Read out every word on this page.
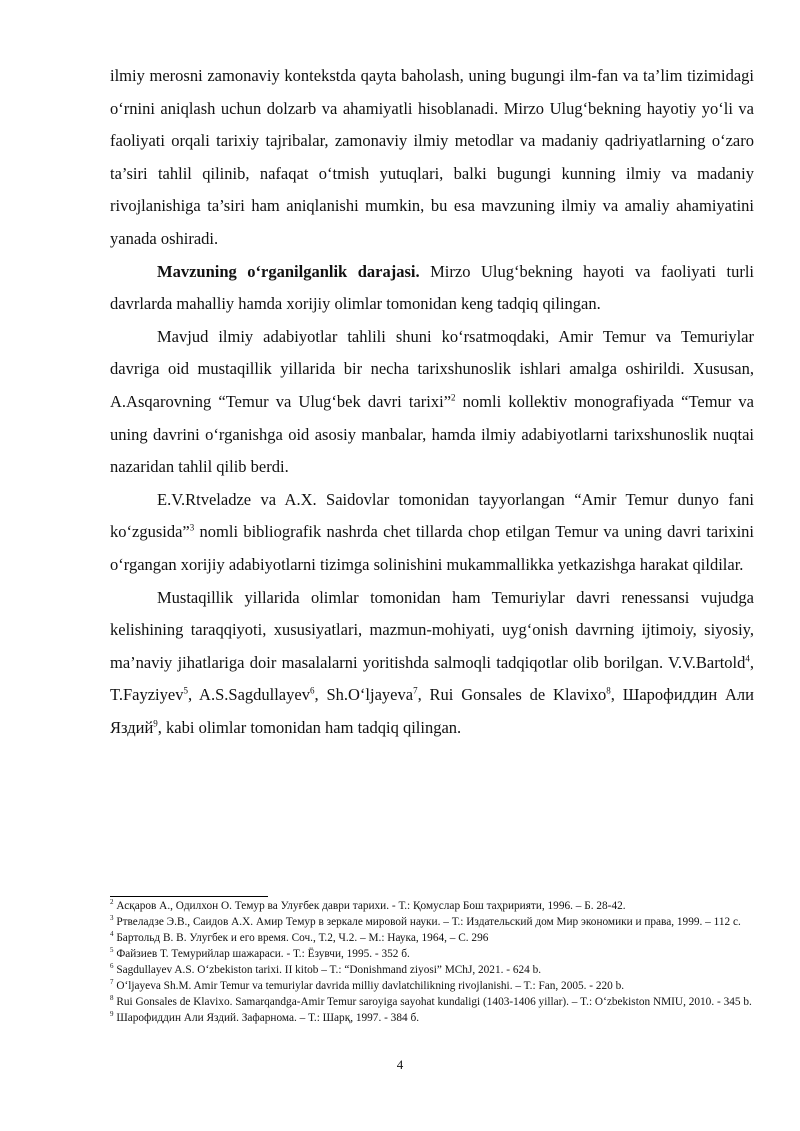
ilmiy merosni zamonaviy kontekstda qayta baholash, uning bugungi ilm-fan va ta’lim tizimidagi o‘rnini aniqlash uchun dolzarb va ahamiyatli hisoblanadi. Mirzo Ulug‘bekning hayotiy yo‘li va faoliyati orqali tarixiy tajribalar, zamonaviy ilmiy metodlar va madaniy qadriyatlarning o‘zaro ta’siri tahlil qilinib, nafaqat o‘tmish yutuqlari, balki bugungi kunning ilmiy va madaniy rivojlanishiga ta’siri ham aniqlanishi mumkin, bu esa mavzuning ilmiy va amaliy ahamiyatini yanada oshiradi.

Mavzuning o‘rganilganlik darajasi. Mirzo Ulug‘bekning hayoti va faoliyati turli davrlarda mahalliy hamda xorijiy olimlar tomonidan keng tadqiq qilingan.

Mavjud ilmiy adabiyotlar tahlili shuni ko‘rsatmoqdaki, Amir Temur va Temuriylar davriga oid mustaqillik yillarida bir necha tarixshunoslik ishlari amalga oshirildi. Xususan, A.Asqarovning “Temur va Ulug‘bek davri tarixi”$^2$ nomli kollektiv monografiyada “Temur va uning davrini o‘rganishga oid asosiy manbalar, hamda ilmiy adabiyotlarni tarixshunoslik nuqtai nazaridan tahlil qilib berdi.

E.V.Rtveladze va A.X. Saidovlar tomonidan tayyorlangan “Amir Temur dunyo fani ko‘zgusida”$^3$ nomli bibliografik nashrda chet tillarda chop etilgan Temur va uning davri tarixini o‘rgangan xorijiy adabiyotlarni tizimga solinishini mukammallikka yetkazishga harakat qildilar.

Mustaqillik yillarida olimlar tomonidan ham Temuriylar davri renessansi vujudga kelishining taraqqiyoti, xususiyatlari, mazmun-mohiyati, uyg‘onish davrning ijtimoiy, siyosiy, ma’naviy jihatlariga doir masalalarni yoritishda salmoqli tadqiqotlar olib borilgan. V.V.Bartold$^4$, T.Fayziyev$^5$, A.S.Sagdullayev$^6$, Sh.O‘ljayeva$^7$, Rui Gonsales de Klavixo$^8$, Шарофиддин Али Яздий$^9$, kabi olimlar tomonidan ham tadqiq qilingan.

$^2$ Асқаров А., Одилхон О. Темур ва Улуғбек даври тарихи. - Т.: Қомуслар Бош таҳририяти, 1996. – Б. 28-42.

$^3$ Ртвеладзе Э.В., Саидов А.Х. Амир Темур в зеркале мировой науки. – Т.: Издательский дом Мир экономики и права, 1999. – 112 с.

$^4$ Бартольд В. В. Улугбек и его время. Соч., Т.2, Ч.2. – М.: Наука, 1964, – С. 296

$^5$ Файзиев Т. Темурийлар шажараси. - Т.: Ёзувчи, 1995. - 352 б.

$^6$ Sagdullayev A.S. O‘zbekiston tarixi. II kitob – T.: “Donishmand ziyosi” MChJ, 2021. - 624 b.

$^7$ O‘ljayeva Sh.M. Amir Temur va temuriylar davrida milliy davlatchilikning rivojlanishi. – T.: Fan, 2005. - 220 b.

$^8$ Rui Gonsales de Klavixo. Samarqandga-Amir Temur saroyiga sayohat kundaligi (1403-1406 yillar). – T.: O‘zbekiston NMIU, 2010. - 345 b.

$^9$ Шарофиддин Али Яздий. Зафарнома. – Т.: Шарқ, 1997. - 384 б.

4
